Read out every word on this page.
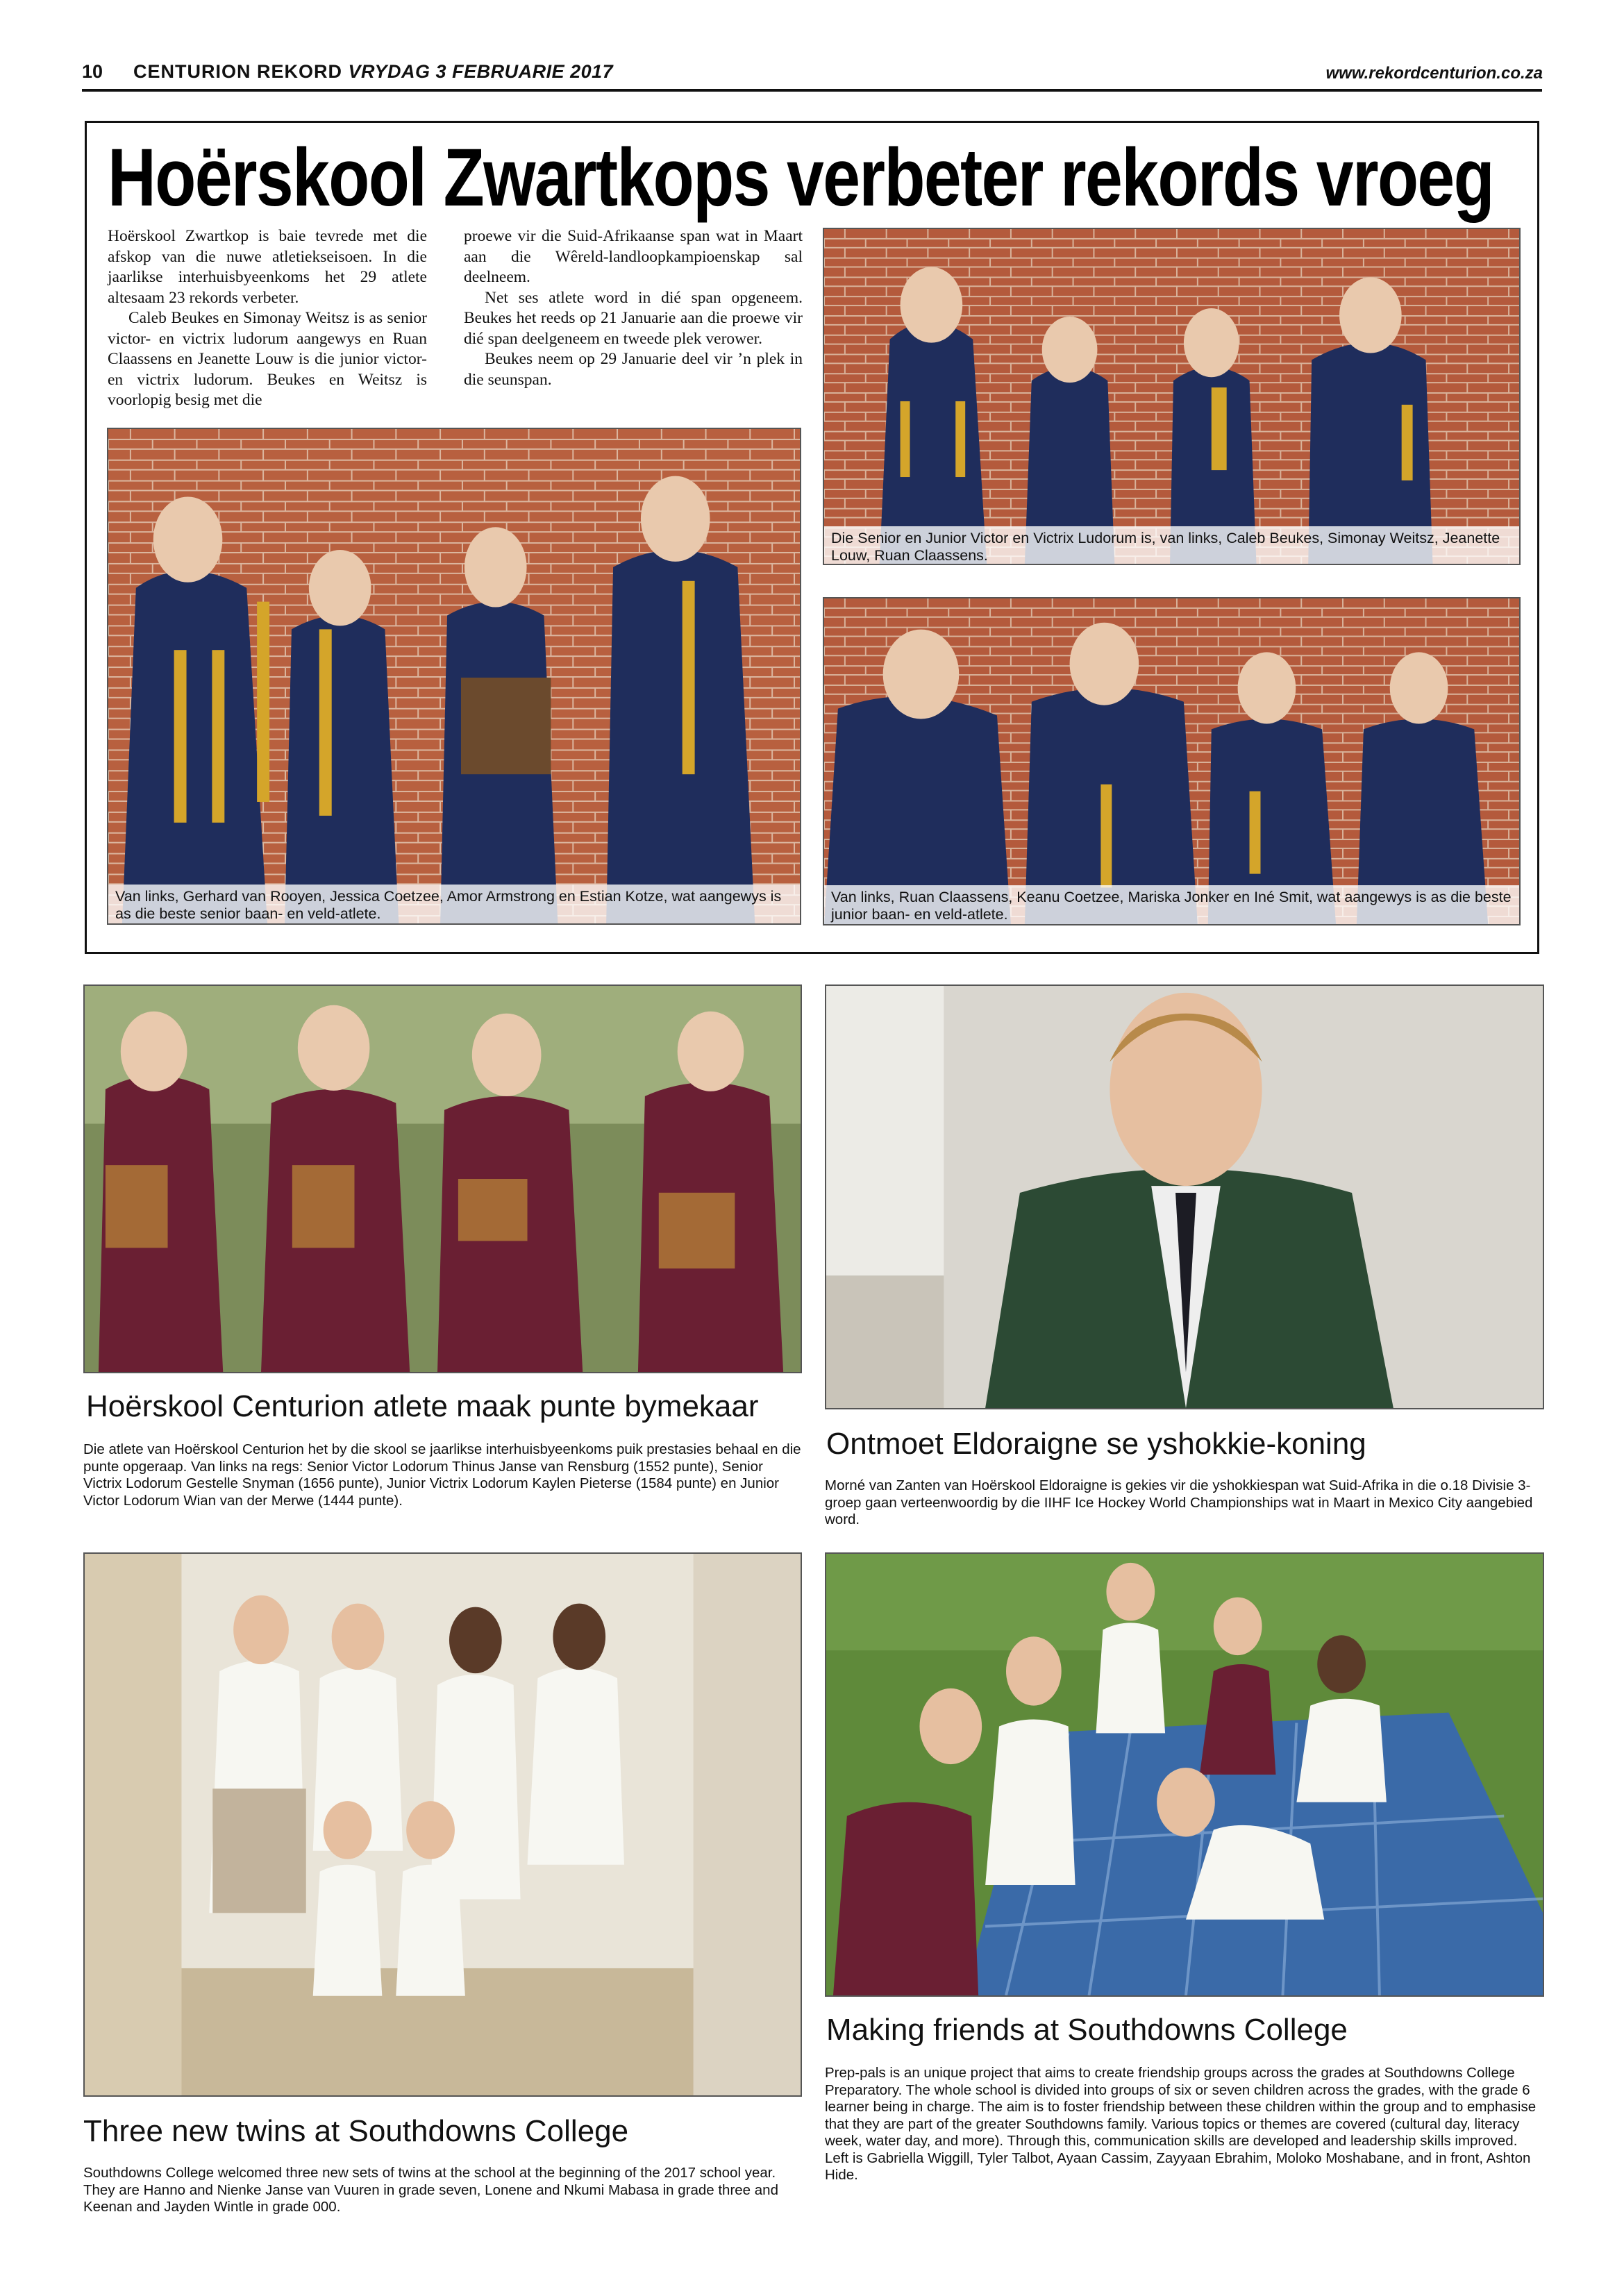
10 CENTURION REKORD VRYDAG 3 FEBRUARIE 2017	www.rekordcenturion.co.za
Hoërskool Zwartkops verbeter rekords vroeg

Hoërskool Zwartkop is baie tevrede met die afskop van die nuwe atletiekseisoen. In die jaarlikse interhuisbyeenkoms het 29 atlete altesaam 23 rekords verbeter.

Caleb Beukes en Simonay Weitsz is as senior victor- en victrix ludorum aangewys en Ruan Claassens en Jeanette Louw is die junior victor- en victrix ludorum. Beukes en Weitsz is voorlopig besig met die

proewe vir die Suid-Afrikaanse span wat in Maart aan die Wêreld-landloopkampioenskap sal deelneem.

Net ses atlete word in dié span opgeneem. Beukes het reeds op 21 Januarie aan die proewe vir dié span deelgeneem en tweede plek verower.

Beukes neem op 29 Januarie deel vir ’n plek in die seunspan.

Die Senior en Junior Victor en Victrix Ludorum is, van links, Caleb Beukes, Simonay Weitsz, Jeanette Louw, Ruan Claassens.
Van links, Gerhard van Rooyen, Jessica Coetzee, Amor Armstrong en Estian Kotze, wat aangewys is as die beste senior baan- en veld-atlete.
Van links, Ruan Claassens, Keanu Coetzee, Mariska Jonker en Iné Smit, wat aangewys is as die beste junior baan- en veld-atlete.
Hoërskool Centurion atlete maak punte bymekaar
Die atlete van Hoërskool Centurion het by die skool se jaarlikse interhuisbyeenkoms puik prestasies behaal en die punte opgeraap. Van links na regs: Senior Victor Lodorum Thinus Janse van Rensburg (1552 punte), Senior Victrix Lodorum Gestelle Snyman (1656 punte), Junior Victrix Lodorum Kaylen Pieterse (1584 punte) en Junior Victor Lodorum Wian van der Merwe (1444 punte).
Ontmoet Eldoraigne se yshokkie-koning
Morné van Zanten van Hoërskool Eldoraigne is gekies vir die yshokkiespan wat Suid-Afrika in die o.18 Divisie 3-groep gaan verteenwoordig by die IIHF Ice Hockey World Championships wat in Maart in Mexico City aangebied word.
Three new twins at Southdowns College
Southdowns College welcomed three new sets of twins at the school at the beginning of the 2017 school year. They are Hanno and Nienke Janse van Vuuren in grade seven, Lonene and Nkumi Mabasa in grade three and Keenan and Jayden Wintle in grade 000.
Making friends at Southdowns College
Prep-pals is an unique project that aims to create friendship groups across the grades at Southdowns College Preparatory. The whole school is divided into groups of six or seven children across the grades, with the grade 6 learner being in charge. The aim is to foster friendship between these children within the group and to emphasise that they are part of the greater Southdowns family. Various topics or themes are covered (cultural day, literacy week, water day, and more). Through this, communication skills are developed and leadership skills improved. Left is Gabriella Wiggill, Tyler Talbot, Ayaan Cassim, Zayyaan Ebrahim, Moloko Moshabane, and in front, Ashton Hide.
